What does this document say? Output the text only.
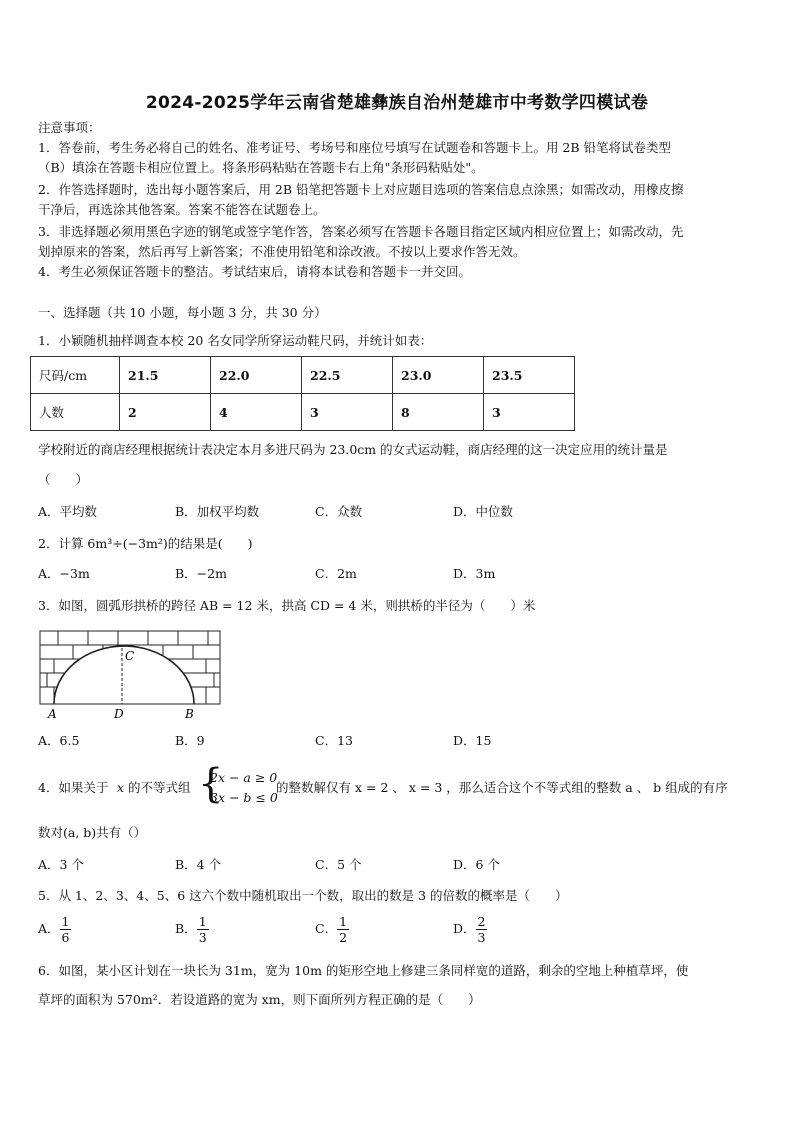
2024-2025学年云南省楚雄彝族自治州楚雄市中考数学四模试卷
注意事项：
1．答卷前，考生务必将自己的姓名、准考证号、考场号和座位号填写在试题卷和答题卡上。用 2B 铅笔将试卷类型
（B）填涂在答题卡相应位置上。将条形码粘贴在答题卡右上角"条形码粘贴处"。
2．作答选择题时，选出每小题答案后，用 2B 铅笔把答题卡上对应题目选项的答案信息点涂黑；如需改动，用橡皮擦
干净后，再选涂其他答案。答案不能答在试题卷上。
3．非选择题必须用黑色字迹的钢笔或签字笔作答，答案必须写在答题卡各题目指定区域内相应位置上；如需改动，先
划掉原来的答案，然后再写上新答案；不准使用铅笔和涂改液。不按以上要求作答无效。
4．考生必须保证答题卡的整洁。考试结束后，请将本试卷和答题卡一并交回。
一、选择题（共 10 小题，每小题 3 分，共 30 分）
1．小颖随机抽样调查本校 20 名女同学所穿运动鞋尺码，并统计如表：
尺码/cm	21.5	22.0	22.5	23.0	23.5
人数	2	4	3	8	3
学校附近的商店经理根据统计表决定本月多进尺码为 23.0cm 的女式运动鞋，商店经理的这一决定应用的统计量是
（　　）
A．平均数	B．加权平均数	C．众数	D．中位数
2．计算 6m³÷(−3m²)的结果是(　　)
A．−3m	B．−2m	C．2m	D．3m
3．如图，圆弧形拱桥的跨径 AB = 12 米，拱高 CD = 4 米，则拱桥的半径为（　　）米
C
A	D	B
A．6.5	B．9	C．13	D．15
4．如果关于 x 的不等式组 {
2x − a ≥ 0
3x − b ≤ 0
的整数解仅有 x = 2 、 x = 3 ，那么适合这个不等式组的整数 a 、 b 组成的有序
数对(a, b)共有（）
A．3 个	B．4 个	C．5 个	D．6 个
5．从 1、2、3、4、5、6 这六个数中随机取出一个数，取出的数是 3 的倍数的概率是（　　）
A． $\frac{1}{6}$	B． $\frac{1}{3}$	C． $\frac{1}{2}$	D． $\frac{2}{3}$
6．如图，某小区计划在一块长为 31m，宽为 10m 的矩形空地上修建三条同样宽的道路，剩余的空地上种植草坪，使
草坪的面积为 570m²．若设道路的宽为 xm，则下面所列方程正确的是（　　）
